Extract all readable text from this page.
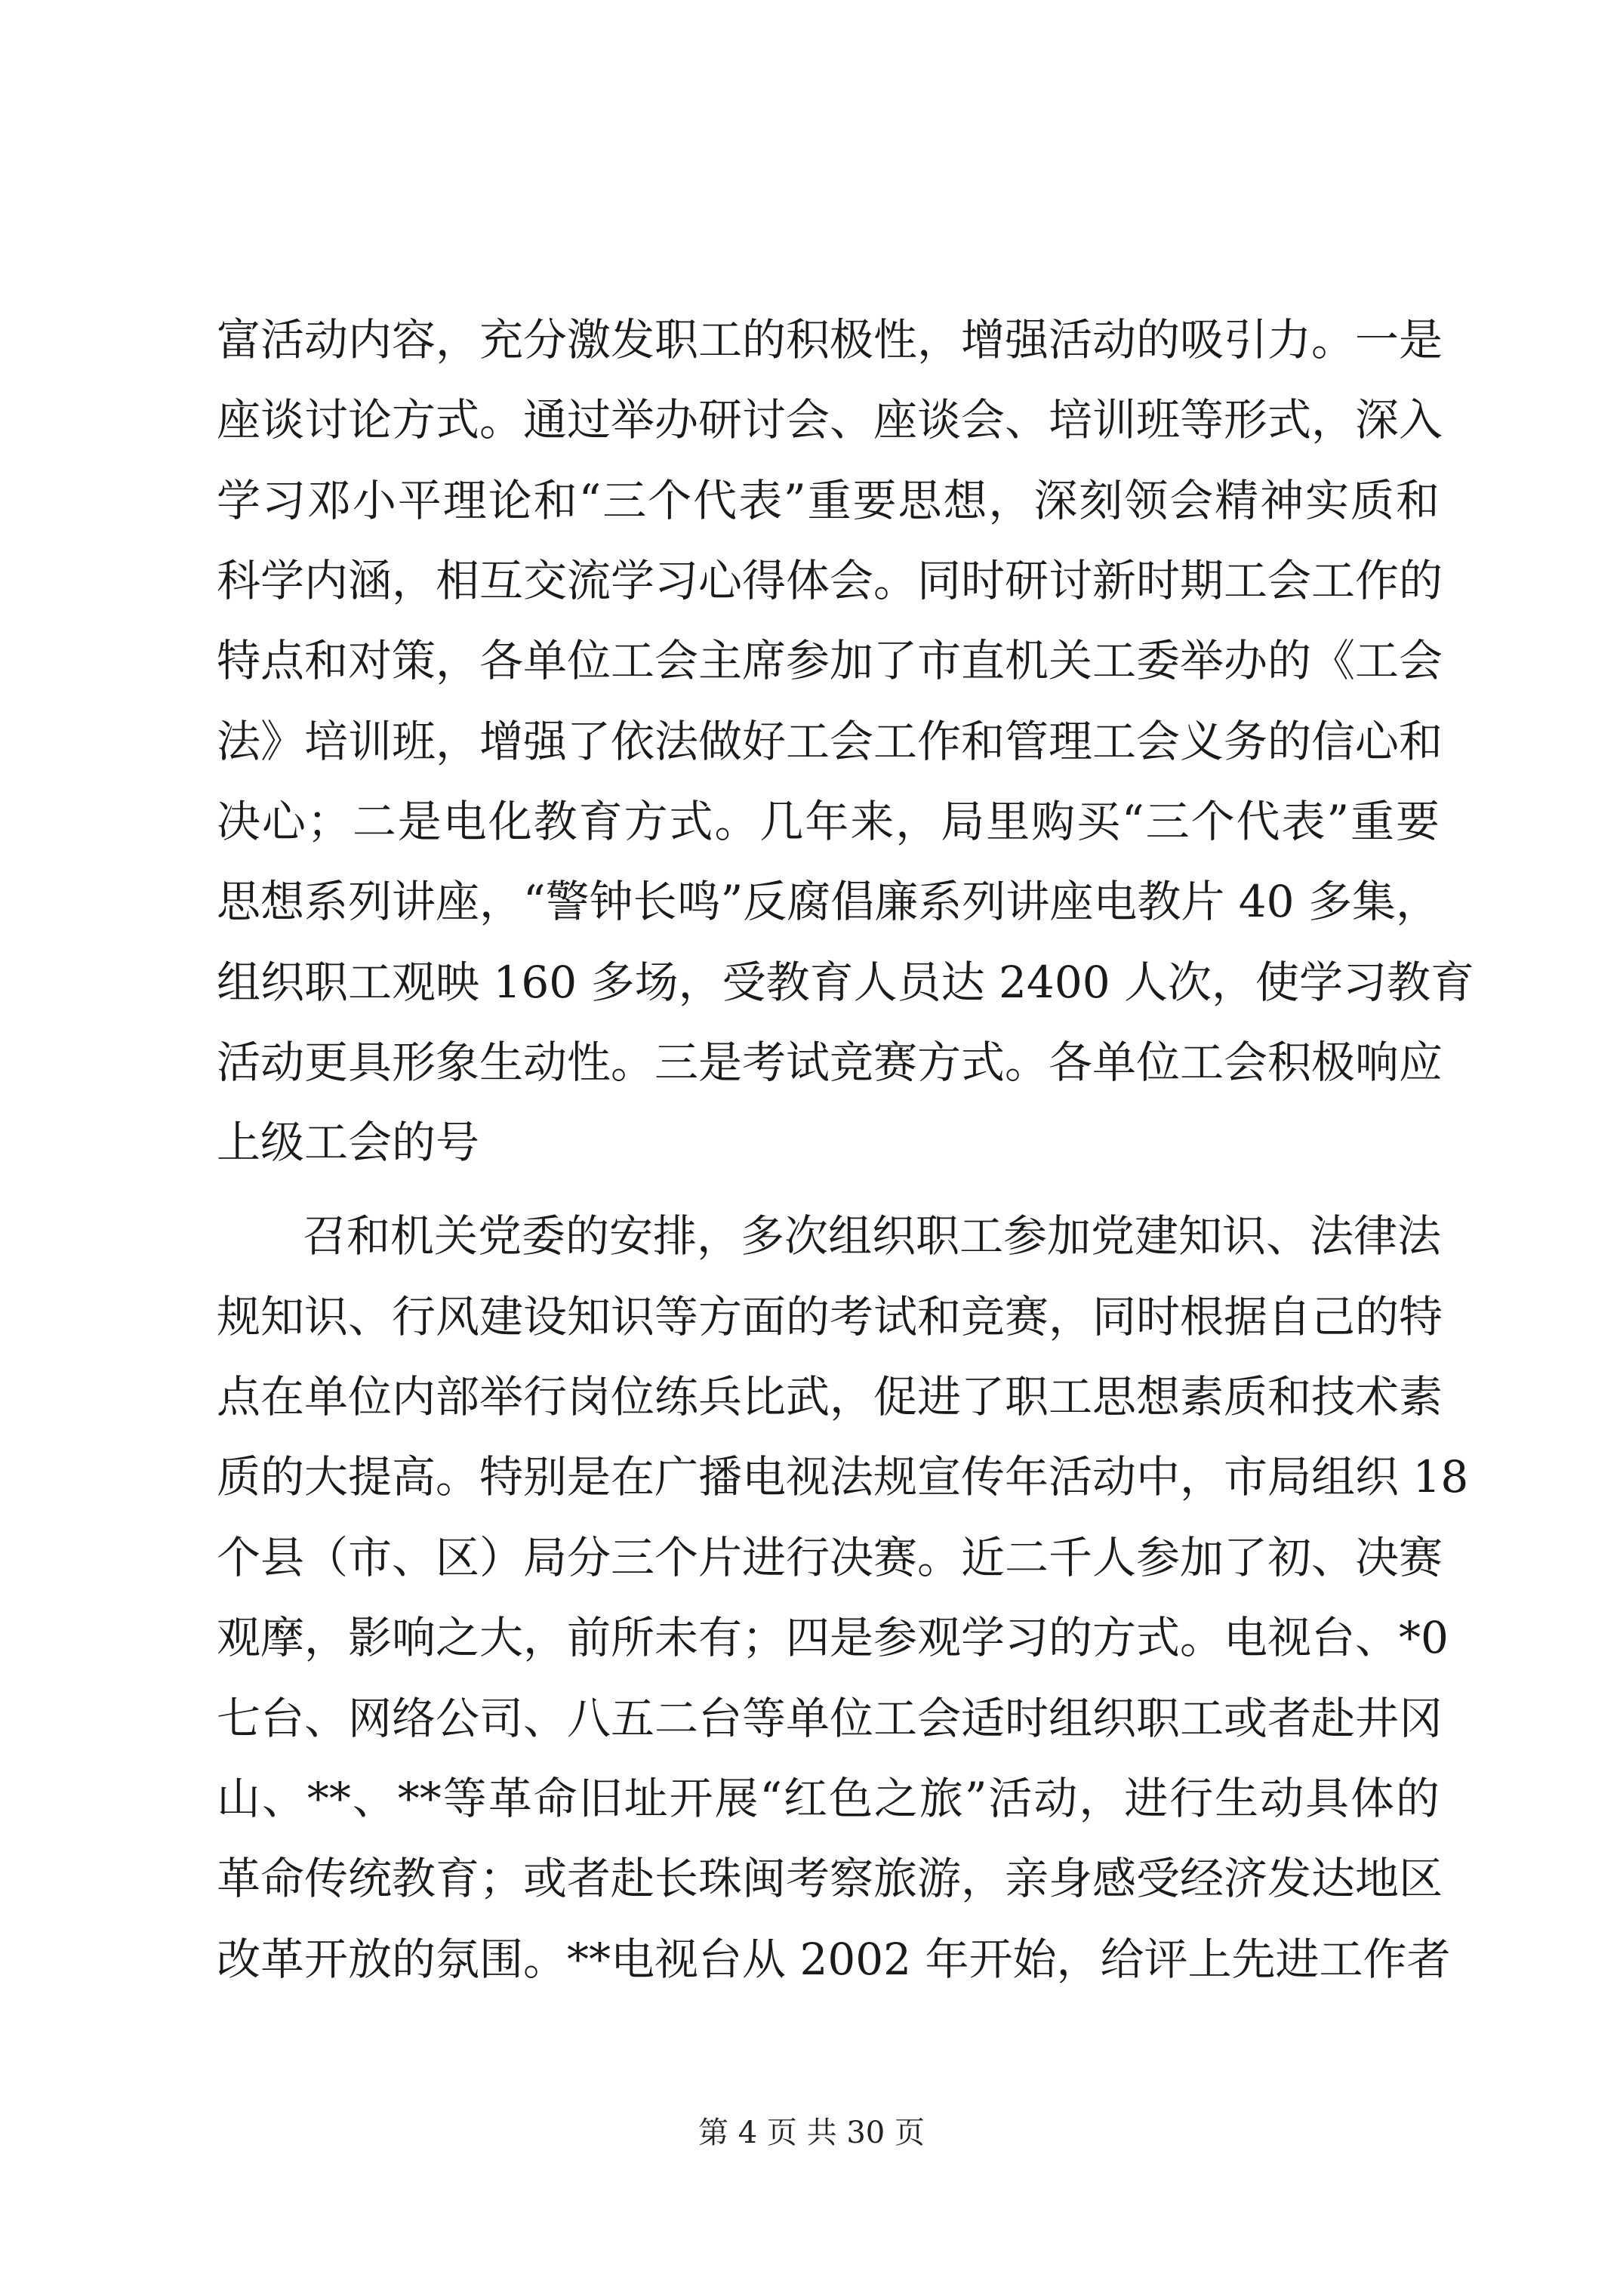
富活动内容，充分激发职工的积极性，增强活动的吸引力。一是
座谈讨论方式。通过举办研讨会、座谈会、培训班等形式，深入
学习邓小平理论和“三个代表”重要思想，深刻领会精神实质和
科学内涵，相互交流学习心得体会。同时研讨新时期工会工作的
特点和对策，各单位工会主席参加了市直机关工委举办的《工会
法》培训班，增强了依法做好工会工作和管理工会义务的信心和
决心；二是电化教育方式。几年来，局里购买“三个代表”重要
思想系列讲座，“警钟长鸣”反腐倡廉系列讲座电教片 40 多集，
组织职工观映 160 多场，受教育人员达 2400 人次，使学习教育
活动更具形象生动性。三是考试竞赛方式。各单位工会积极响应
上级工会的号
召和机关党委的安排，多次组织职工参加党建知识、法律法
规知识、行风建设知识等方面的考试和竞赛，同时根据自己的特
点在单位内部举行岗位练兵比武，促进了职工思想素质和技术素
质的大提高。特别是在广播电视法规宣传年活动中，市局组织 18
个县（市、区）局分三个片进行决赛。近二千人参加了初、决赛
观摩，影响之大，前所未有；四是参观学习的方式。电视台、*0
七台、网络公司、八五二台等单位工会适时组织职工或者赴井冈
山、**、**等革命旧址开展“红色之旅”活动，进行生动具体的
革命传统教育；或者赴长珠闽考察旅游，亲身感受经济发达地区
改革开放的氛围。**电视台从 2002 年开始，给评上先进工作者
第 4 页 共 30 页
